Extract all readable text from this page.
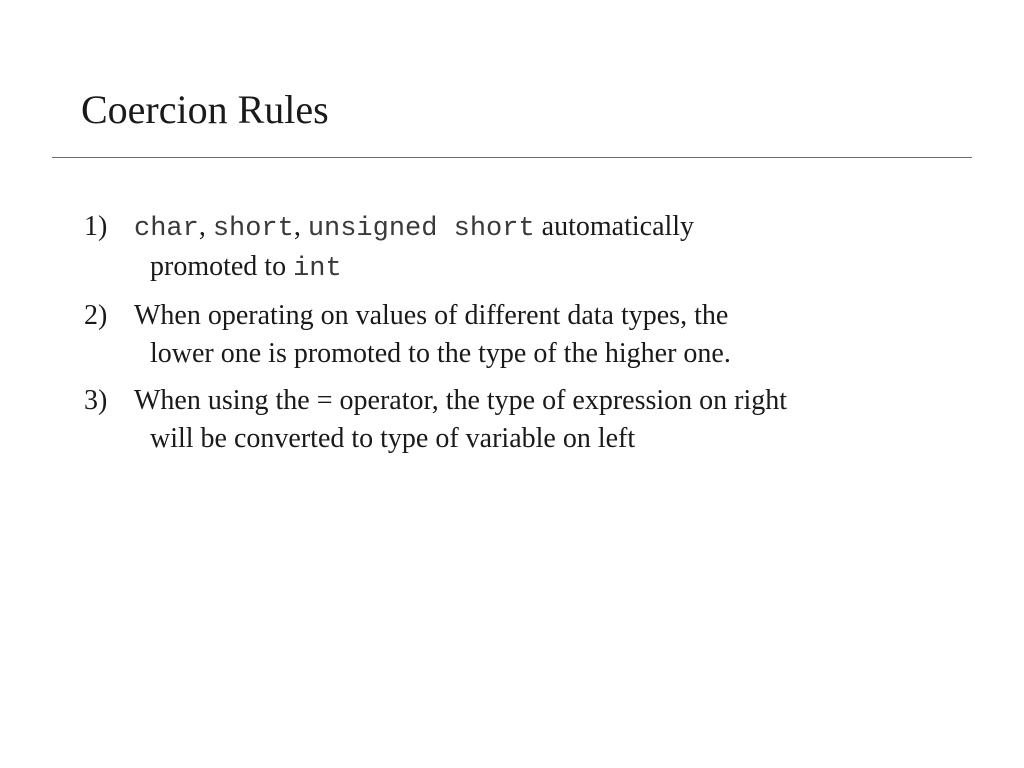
Coercion Rules
1) char, short, unsigned short automatically
promoted to int
2) When operating on values of different data types, the
lower one is promoted to the type of the higher one.
3) When using the = operator, the type of expression on right
will be converted to type of variable on left
